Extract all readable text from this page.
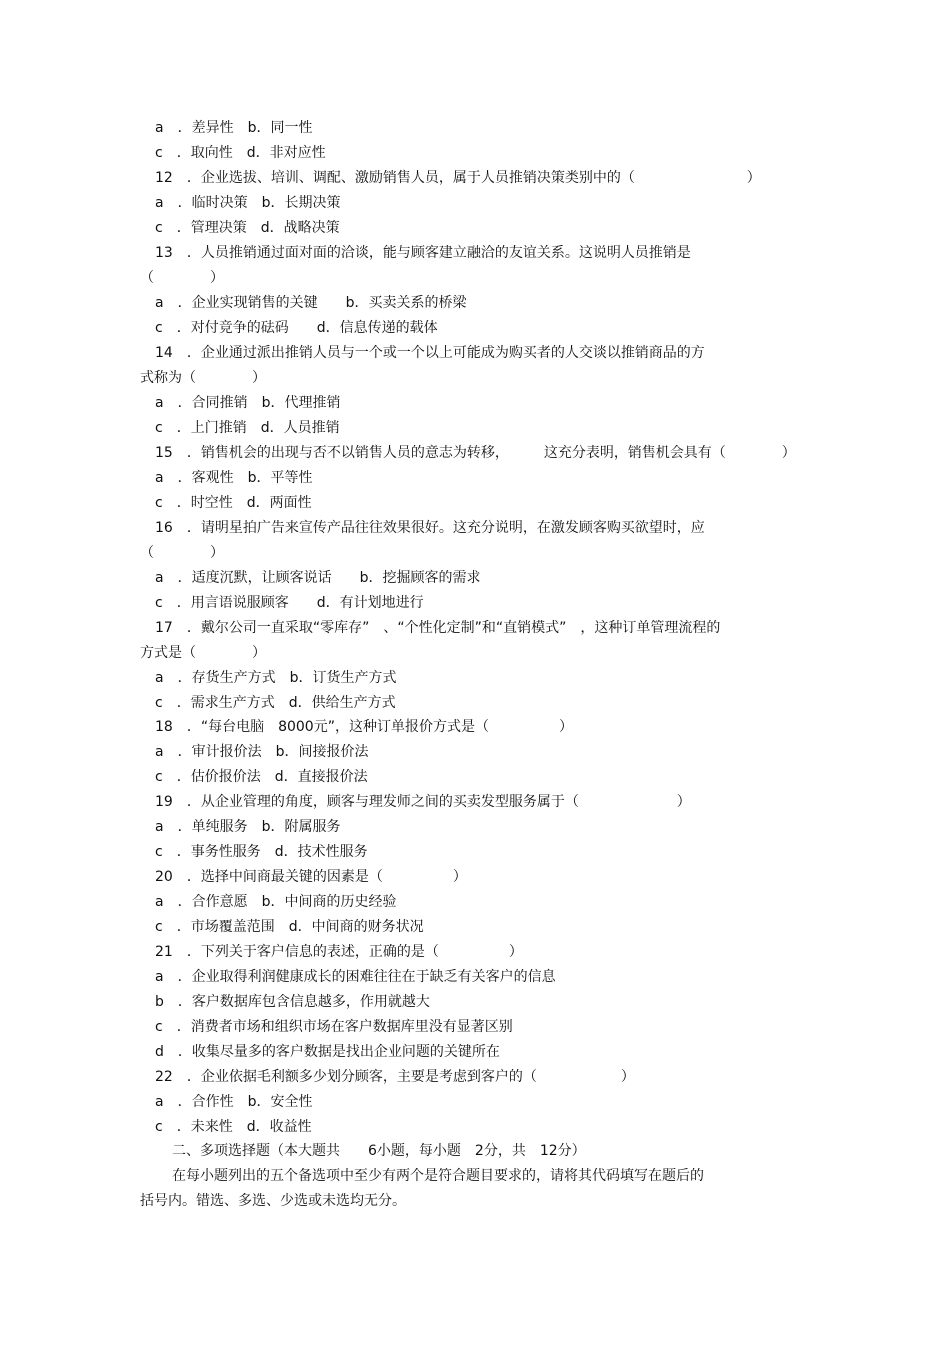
a　．差异性　b．同一性
c　．取向性　d．非对应性
12　．企业选拔、培训、调配、激励销售人员，属于人员推销决策类别中的（　　　　　　　　）
a　．临时决策　b．长期决策
c　．管理决策　d．战略决策
13　．人员推销通过面对面的洽谈，能与顾客建立融洽的友谊关系。这说明人员推销是
（　　　　）
a　．企业实现销售的关键　　b．买卖关系的桥梁
c　．对付竞争的砝码　　d．信息传递的载体
14　．企业通过派出推销人员与一个或一个以上可能成为购买者的人交谈以推销商品的方
式称为（　　　　）
a　．合同推销　b．代理推销
c　．上门推销　d．人员推销
15　．销售机会的出现与否不以销售人员的意志为转移，　　　这充分表明，销售机会具有（　　　　）
a　．客观性　b．平等性
c　．时空性　d．两面性
16　．请明星拍广告来宣传产品往往效果很好。这充分说明，在激发顾客购买欲望时，应
（　　　　）
a　．适度沉默，让顾客说话　　b．挖掘顾客的需求
c　．用言语说服顾客　　d．有计划地进行
17　．戴尔公司一直采取“零库存”　、“个性化定制”和“直销模式”　，这种订单管理流程的
方式是（　　　　）
a　．存货生产方式　b．订货生产方式
c　．需求生产方式　d．供给生产方式
18　．“每台电脑　8000元”，这种订单报价方式是（　　　　　）
a　．审计报价法　b．间接报价法
c　．估价报价法　d．直接报价法
19　．从企业管理的角度，顾客与理发师之间的买卖发型服务属于（　　　　　　　）
a　．单纯服务　b．附属服务
c　．事务性服务　d．技术性服务
20　．选择中间商最关键的因素是（　　　　　）
a　．合作意愿　b．中间商的历史经验
c　．市场覆盖范围　d．中间商的财务状况
21　．下列关于客户信息的表述，正确的是（　　　　　）
a　．企业取得利润健康成长的困难往往在于缺乏有关客户的信息
b　．客户数据库包含信息越多，作用就越大
c　．消费者市场和组织市场在客户数据库里没有显著区别
d　．收集尽量多的客户数据是找出企业问题的关键所在
22　．企业依据毛利额多少划分顾客，主要是考虑到客户的（　　　　　　）
a　．合作性　b．安全性
c　．未来性　d．收益性
二、多项选择题（本大题共　　6小题，每小题　2分，共　12分）
在每小题列出的五个备选项中至少有两个是符合题目要求的，请将其代码填写在题后的
括号内。错选、多选、少选或未选均无分。
